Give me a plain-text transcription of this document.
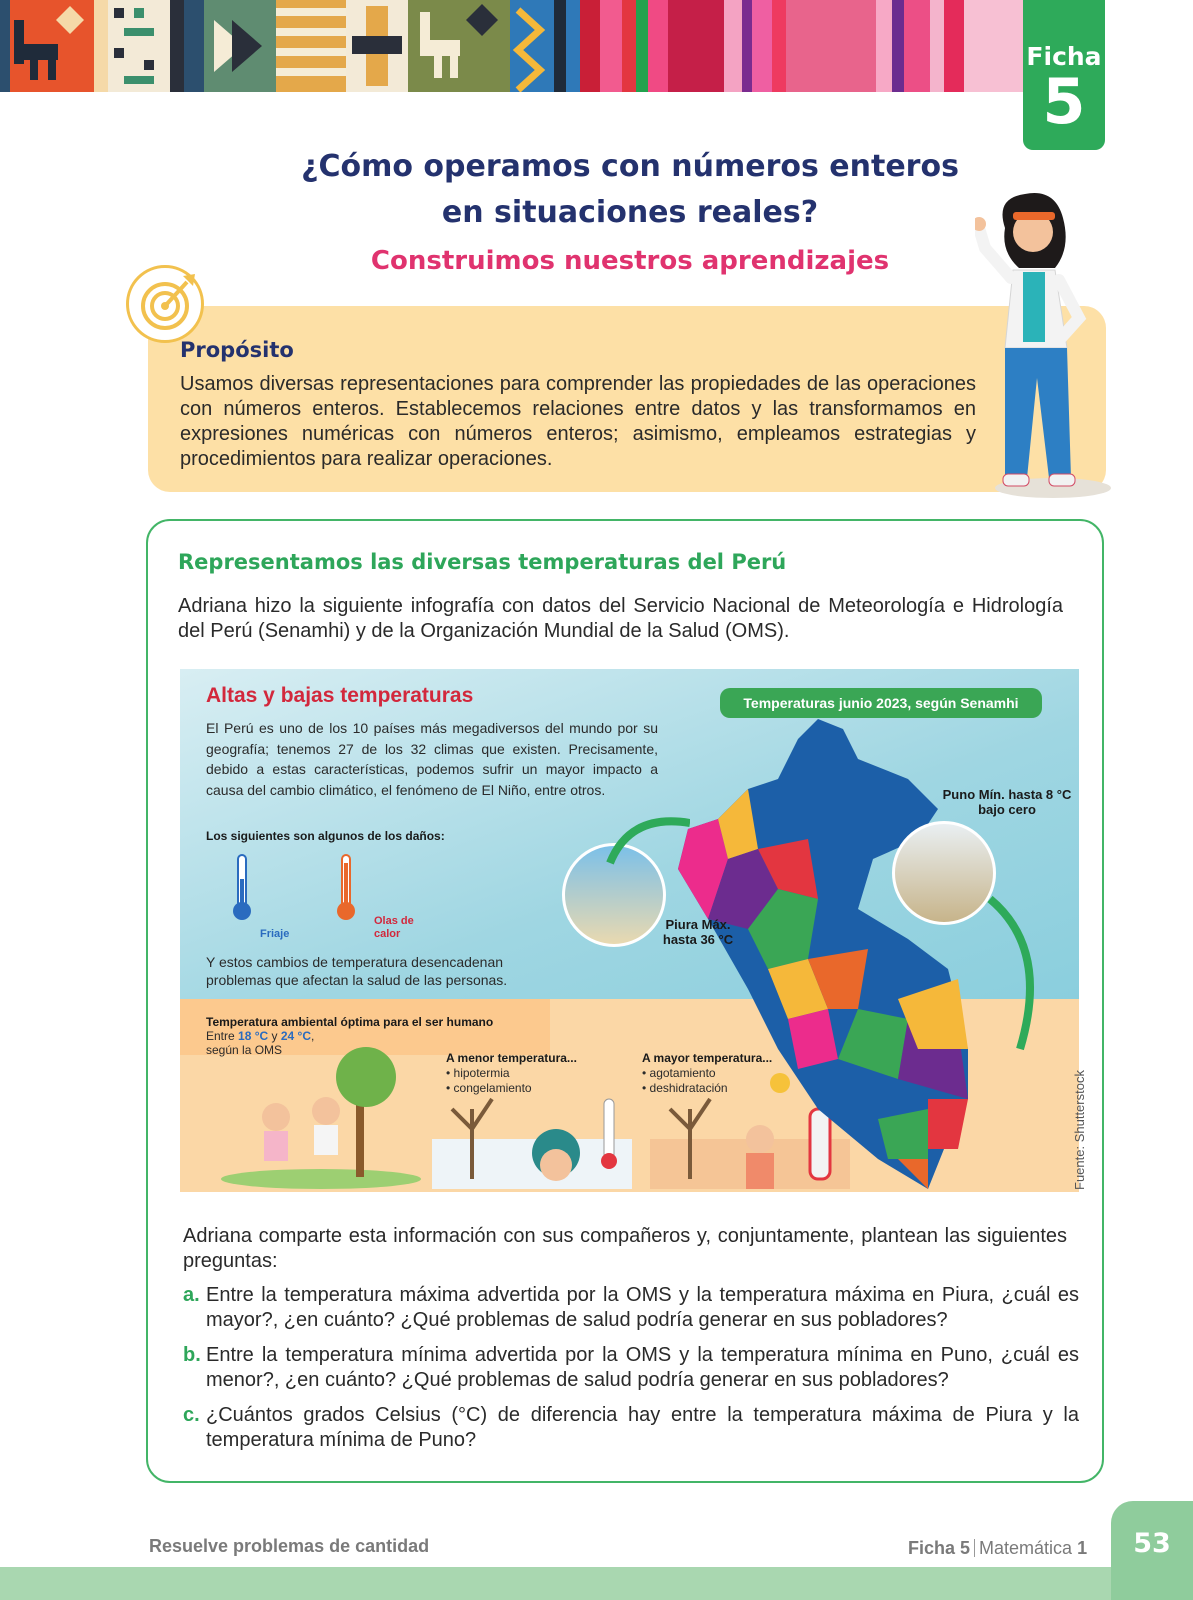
Ficha
5
¿Cómo operamos con números enteros
en situaciones reales?
Construimos nuestros aprendizajes
Propósito

Usamos diversas representaciones para comprender las propiedades de las operaciones con números enteros. Establecemos relaciones entre datos y las transformamos en expresiones numéricas con números enteros; asimismo, empleamos estrategias y procedimientos para realizar operaciones.

Representamos las diversas temperaturas del Perú

Adriana hizo la siguiente infografía con datos del Servicio Nacional de Meteorología e Hidrología del Perú (Senamhi) y de la Organización Mundial de la Salud (OMS).

Altas y bajas temperaturas

El Perú es uno de los 10 países más megadiversos del mundo por su geografía; tenemos 27 de los 32 climas que existen. Precisamente, debido a estas características, podemos sufrir un mayor impacto a causa del cambio climático, el fenómeno de El Niño, entre otros.

Los siguientes son algunos de los daños:
Friaje
Olas de calor

Y estos cambios de temperatura desencadenan problemas que afectan la salud de las personas.

Temperatura ambiental óptima para el ser humano
Entre 18 °C y 24 °C,
según la OMS
A menor temperatura...
• hipotermia
• congelamiento
A mayor temperatura...
• agotamiento
• deshidratación
Temperaturas junio 2023, según Senamhi
Piura Máx. hasta 36 °C
Puno Mín. hasta 8 °C bajo cero
Fuente: Shutterstock

Adriana comparte esta información con sus compañeros y, conjuntamente, plantean las siguientes preguntas:

a. Entre la temperatura máxima advertida por la OMS y la temperatura máxima en Piura, ¿cuál es mayor?, ¿en cuánto? ¿Qué problemas de salud podría generar en sus pobladores?
b. Entre la temperatura mínima advertida por la OMS y la temperatura mínima en Puno, ¿cuál es menor?, ¿en cuánto? ¿Qué problemas de salud podría generar en sus pobladores?
c. ¿Cuántos grados Celsius (°C) de diferencia hay entre la temperatura máxima de Piura y la temperatura mínima de Puno?
53
Resuelve problemas de cantidad	Ficha 5 Matemática 1
